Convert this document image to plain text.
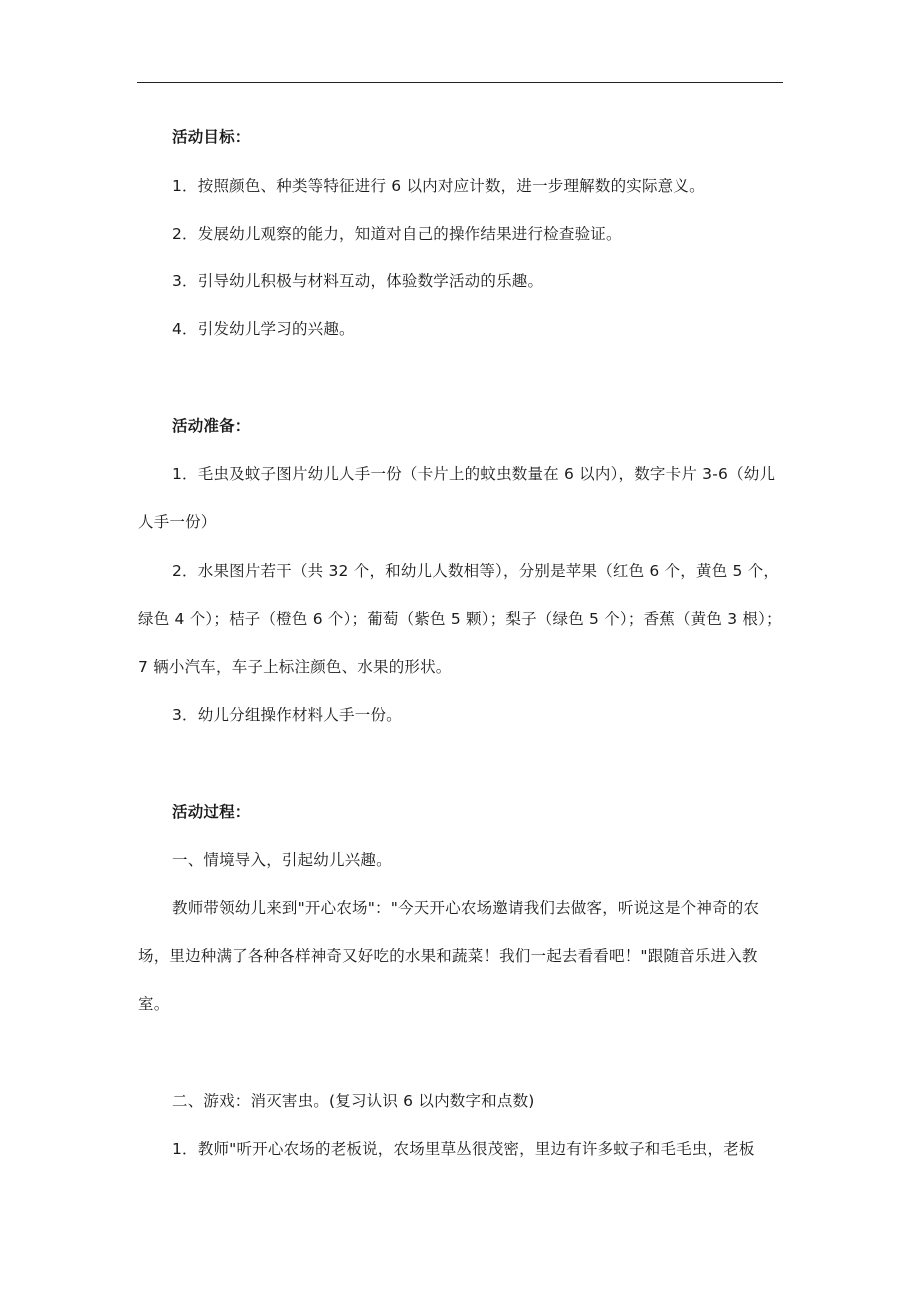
活动目标：

1．按照颜色、种类等特征进行 6 以内对应计数，进一步理解数的实际意义。

2．发展幼儿观察的能力，知道对自己的操作结果进行检查验证。

3．引导幼儿积极与材料互动，体验数学活动的乐趣。

4．引发幼儿学习的兴趣。

活动准备：

1．毛虫及蚊子图片幼儿人手一份（卡片上的蚊虫数量在 6 以内），数字卡片 3-6（幼儿

人手一份）

2．水果图片若干（共 32 个，和幼儿人数相等），分别是苹果（红色 6 个，黄色 5 个，

绿色 4 个）；桔子（橙色 6 个）；葡萄（紫色 5 颗）；梨子（绿色 5 个）；香蕉（黄色 3 根）；

7 辆小汽车，车子上标注颜色、水果的形状。

3．幼儿分组操作材料人手一份。

活动过程：

一、情境导入，引起幼儿兴趣。

教师带领幼儿来到"开心农场"："今天开心农场邀请我们去做客，听说这是个神奇的农

场，里边种满了各种各样神奇又好吃的水果和蔬菜！我们一起去看看吧！"跟随音乐进入教

室。

二、游戏：消灭害虫。(复习认识 6 以内数字和点数)

1．教师"听开心农场的老板说，农场里草丛很茂密，里边有许多蚊子和毛毛虫，老板
